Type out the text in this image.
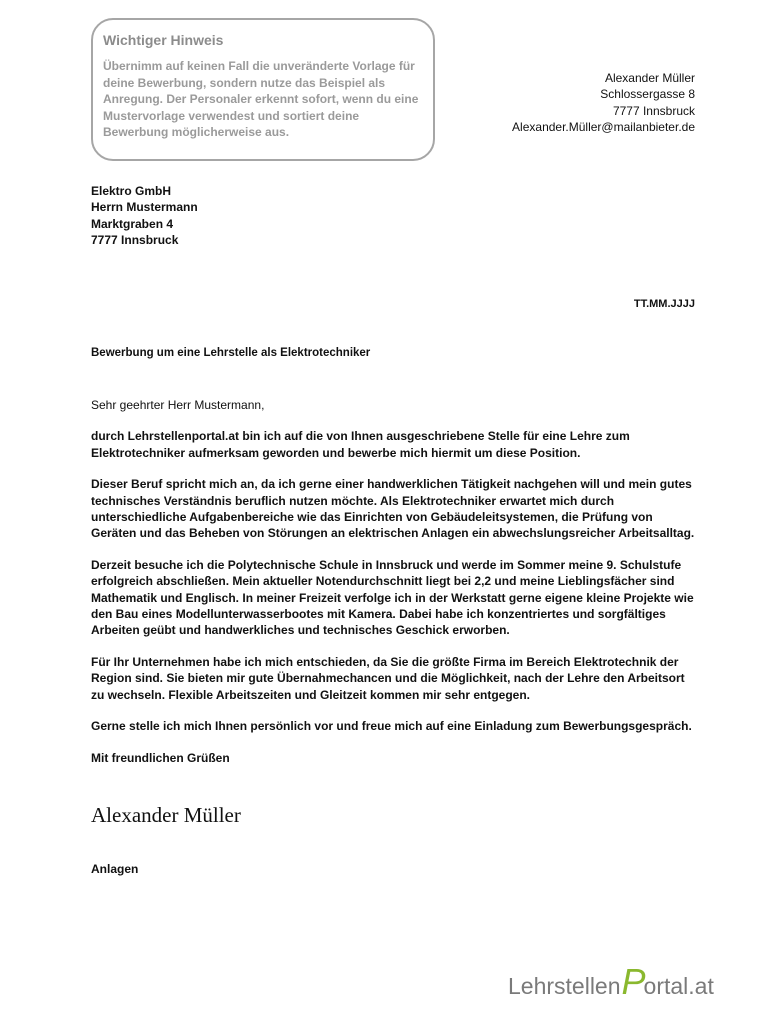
Wichtiger Hinweis

Übernimm auf keinen Fall die unveränderte Vorlage für deine Bewerbung, sondern nutze das Beispiel als Anregung. Der Personaler erkennt sofort, wenn du eine Mustervorlage verwendest und sortiert deine Bewerbung möglicherweise aus.

Alexander Müller
Schlossergasse 8
7777 Innsbruck
Alexander.Müller@mailanbieter.de
Elektro GmbH
Herrn Mustermann
Marktgraben 4
7777 Innsbruck
TT.MM.JJJJ
Bewerbung um eine Lehrstelle als Elektrotechniker

Sehr geehrter Herr Mustermann,

durch Lehrstellenportal.at bin ich auf die von Ihnen ausgeschriebene Stelle für eine Lehre zum Elektrotechniker aufmerksam geworden und bewerbe mich hiermit um diese Position.

Dieser Beruf spricht mich an, da ich gerne einer handwerklichen Tätigkeit nachgehen will und mein gutes technisches Verständnis beruflich nutzen möchte. Als Elektrotechniker erwartet mich durch unterschiedliche Aufgabenbereiche wie das Einrichten von Gebäudeleitsystemen, die Prüfung von Geräten und das Beheben von Störungen an elektrischen Anlagen ein abwechslungsreicher Arbeitsalltag.

Derzeit besuche ich die Polytechnische Schule in Innsbruck und werde im Sommer meine 9. Schulstufe erfolgreich abschließen. Mein aktueller Notendurchschnitt liegt bei 2,2 und meine Lieblingsfächer sind Mathematik und Englisch. In meiner Freizeit verfolge ich in der Werkstatt gerne eigene kleine Projekte wie den Bau eines Modellunterwasserbootes mit Kamera. Dabei habe ich konzentriertes und sorgfältiges Arbeiten geübt und handwerkliches und technisches Geschick erworben.

Für Ihr Unternehmen habe ich mich entschieden, da Sie die größte Firma im Bereich Elektrotechnik der Region sind. Sie bieten mir gute Übernahmechancen und die Möglichkeit, nach der Lehre den Arbeitsort zu wechseln. Flexible Arbeitszeiten und Gleitzeit kommen mir sehr entgegen.

Gerne stelle ich mich Ihnen persönlich vor und freue mich auf eine Einladung zum Bewerbungsgespräch.

Mit freundlichen Grüßen

Alexander Müller
Anlagen
LehrstellenPortal.at
